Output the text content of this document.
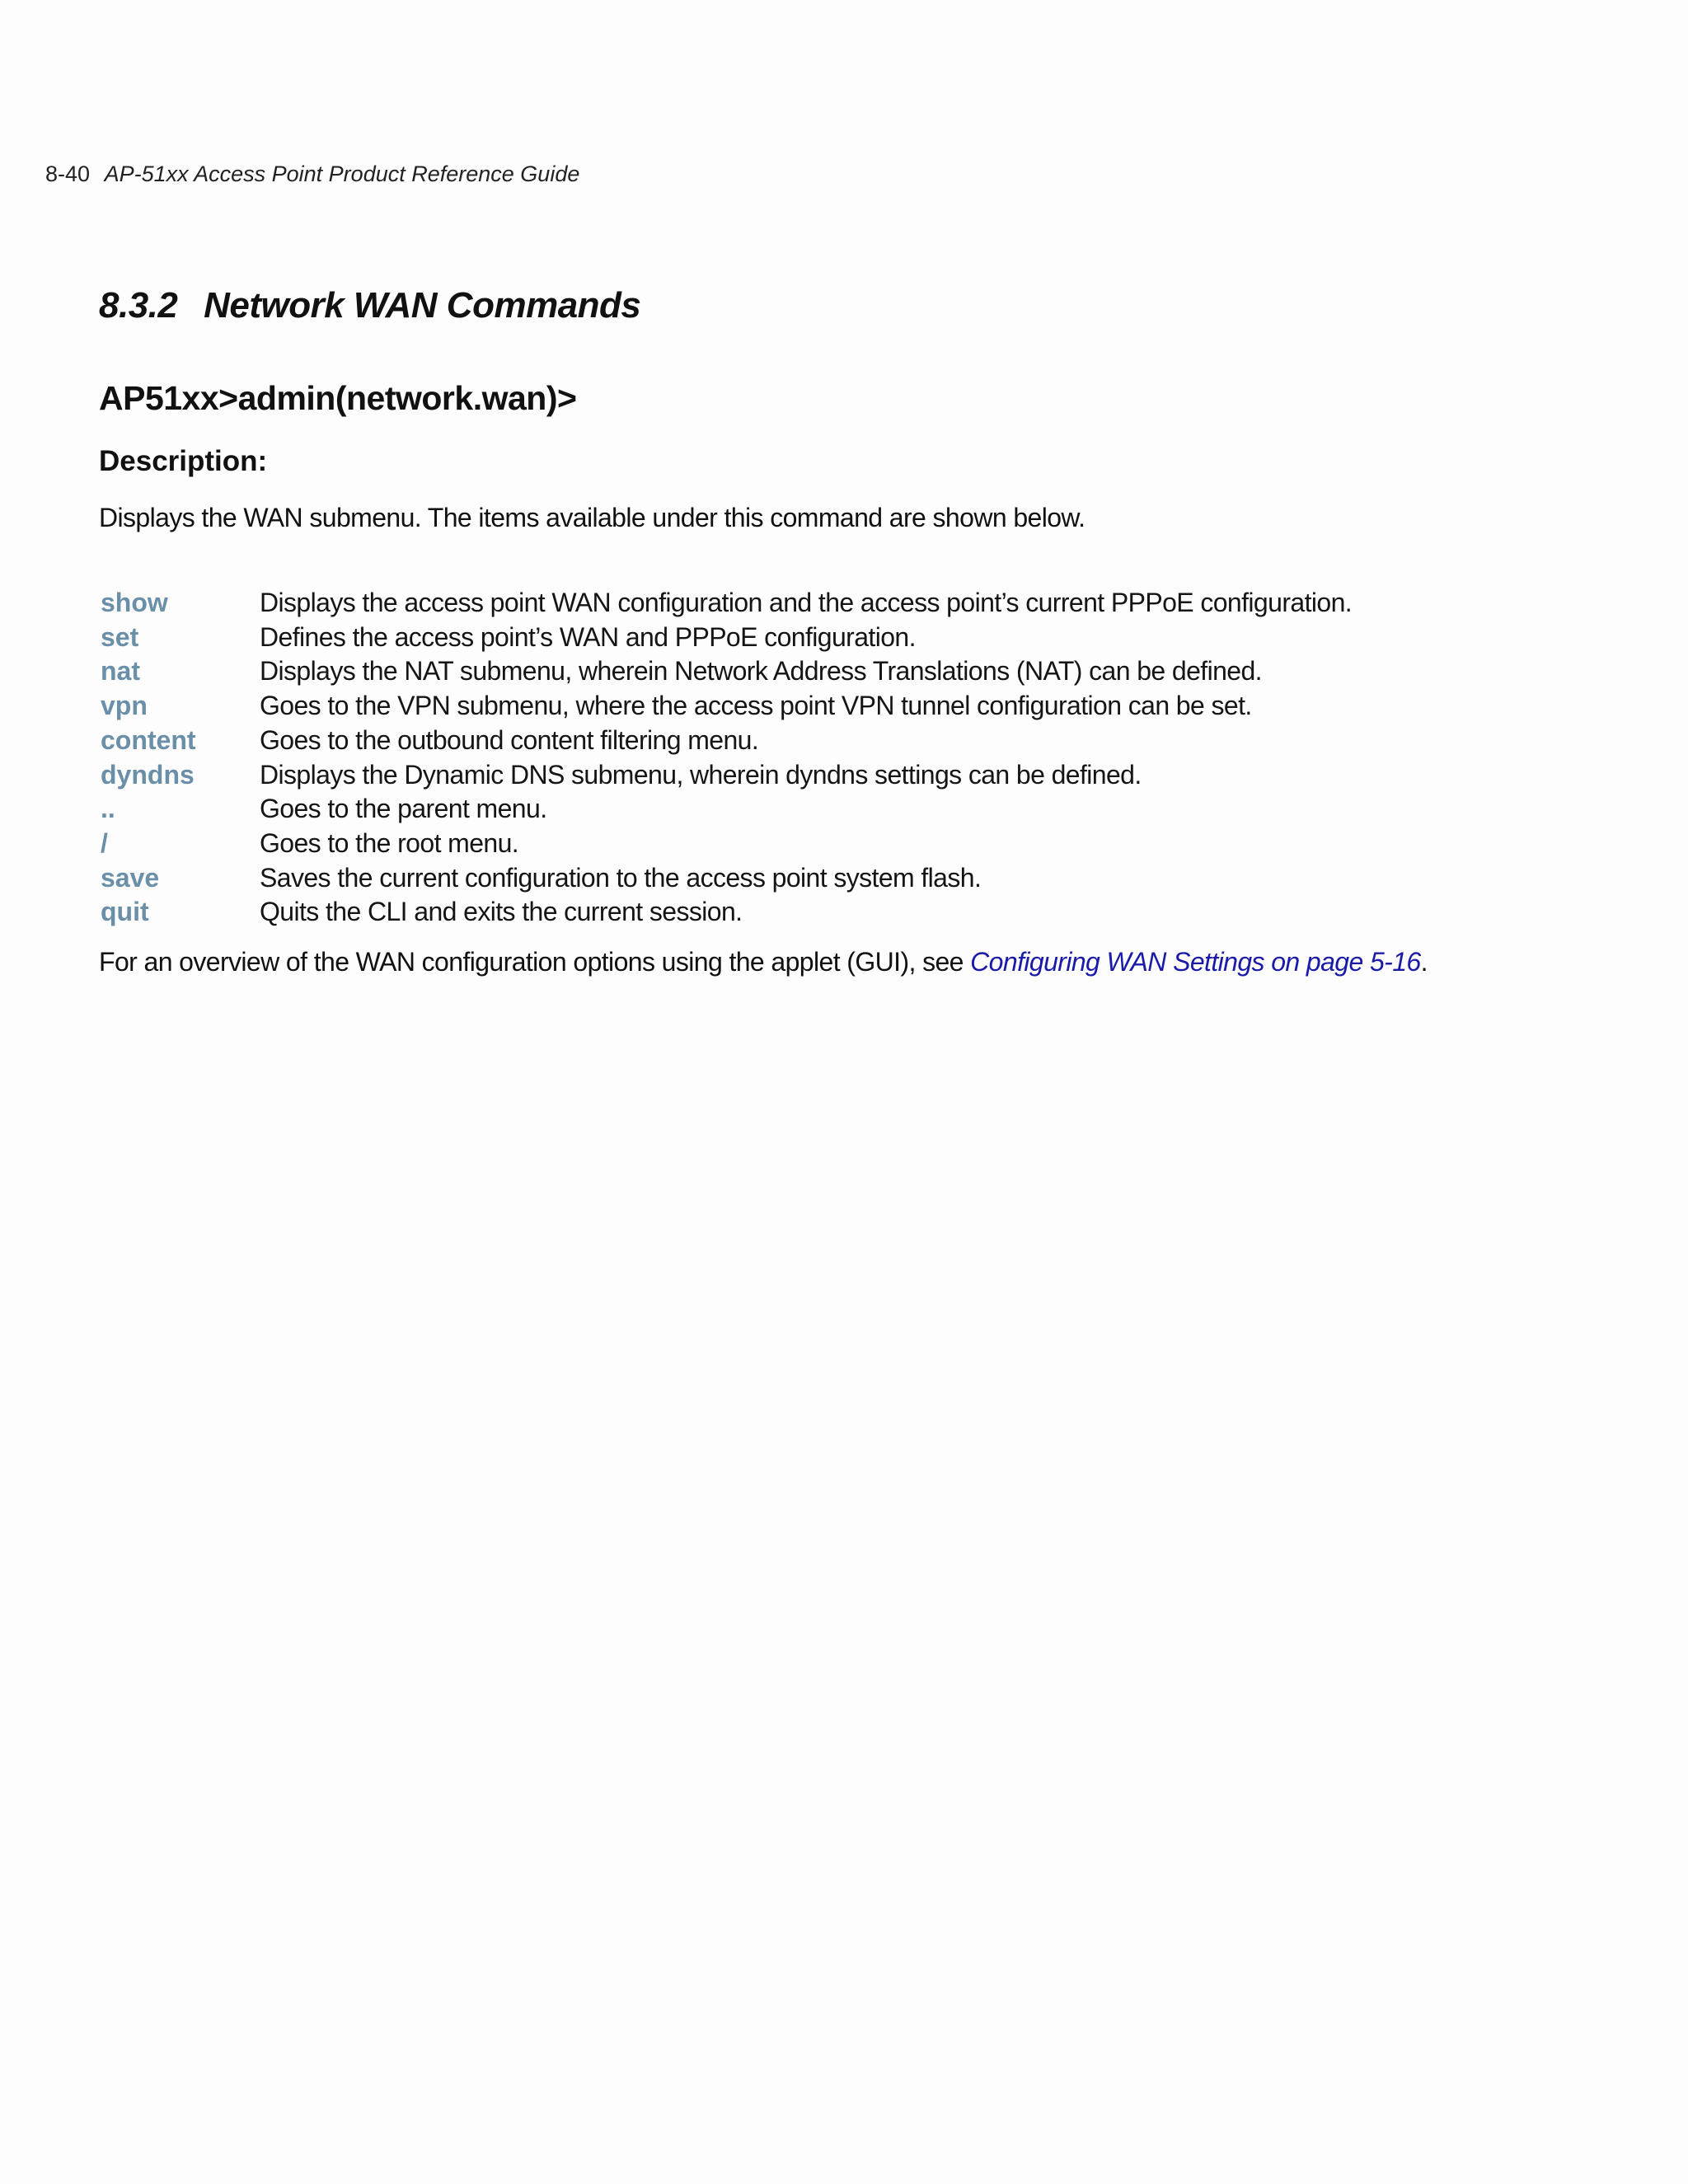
8-40 AP-51xx Access Point Product Reference Guide
8.3.2 Network WAN Commands
AP51xx>admin(network.wan)>
Description:

Displays the WAN submenu. The items available under this command are shown below.

show	Displays the access point WAN configuration and the access point’s current PPPoE configuration.
set	Defines the access point’s WAN and PPPoE configuration.
nat	Displays the NAT submenu, wherein Network Address Translations (NAT) can be defined.
vpn	Goes to the VPN submenu, where the access point VPN tunnel configuration can be set.
content	Goes to the outbound content filtering menu.
dyndns	Displays the Dynamic DNS submenu, wherein dyndns settings can be defined.
..	Goes to the parent menu.
/	Goes to the root menu.
save	Saves the current configuration to the access point system flash.
quit	Quits the CLI and exits the current session.

For an overview of the WAN configuration options using the applet (GUI), see Configuring WAN Settings on page 5-16.
